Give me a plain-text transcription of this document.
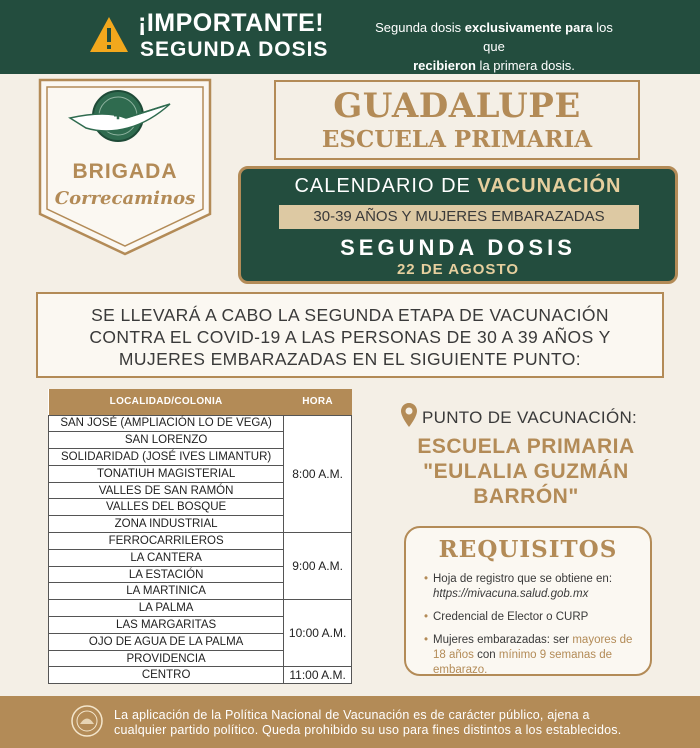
¡IMPORTANTE!
SEGUNDA DOSIS
Segunda dosis exclusivamente para los que
recibieron la primera dosis.
BRIGADA
Correcaminos
GUADALUPE
ESCUELA PRIMARIA
CALENDARIO DE VACUNACIÓN
30-39 AÑOS Y MUJERES EMBARAZADAS
SEGUNDA DOSIS
22 DE AGOSTO
SE LLEVARÁ A CABO LA SEGUNDA ETAPA DE VACUNACIÓN
CONTRA EL COVID-19 A LAS PERSONAS DE 30 A 39 AÑOS Y
MUJERES EMBARAZADAS EN EL SIGUIENTE PUNTO:
LOCALIDAD/COLONIA	HORA
SAN JOSÉ (AMPLIACIÓN LO DE VEGA)	8:00 A.M.
SAN LORENZO	
SOLIDARIDAD (JOSÉ IVES LIMANTUR)	
TONATIUH MAGISTERIAL	
VALLES DE SAN RAMÓN	
VALLES DEL BOSQUE	
ZONA INDUSTRIAL	
FERROCARRILEROS	9:00 A.M.
LA CANTERA	
LA ESTACIÓN	
LA MARTINICA	
LA PALMA	10:00 A.M.
LAS MARGARITAS	
OJO DE AGUA DE LA PALMA	
PROVIDENCIA	
CENTRO	11:00 A.M.
PUNTO DE VACUNACIÓN:
ESCUELA PRIMARIA
"EULALIA GUZMÁN
BARRÓN"
REQUISITOS
• Hoja de registro que se obtiene en: https://mivacuna.salud.gob.mx
• Credencial de Elector o CURP
• Mujeres embarazadas: ser mayores de 18 años con mínimo 9 semanas de embarazo.
La aplicación de la Política Nacional de Vacunación es de carácter público, ajena a
cualquier partido político. Queda prohibido su uso para fines distintos a los establecidos.
